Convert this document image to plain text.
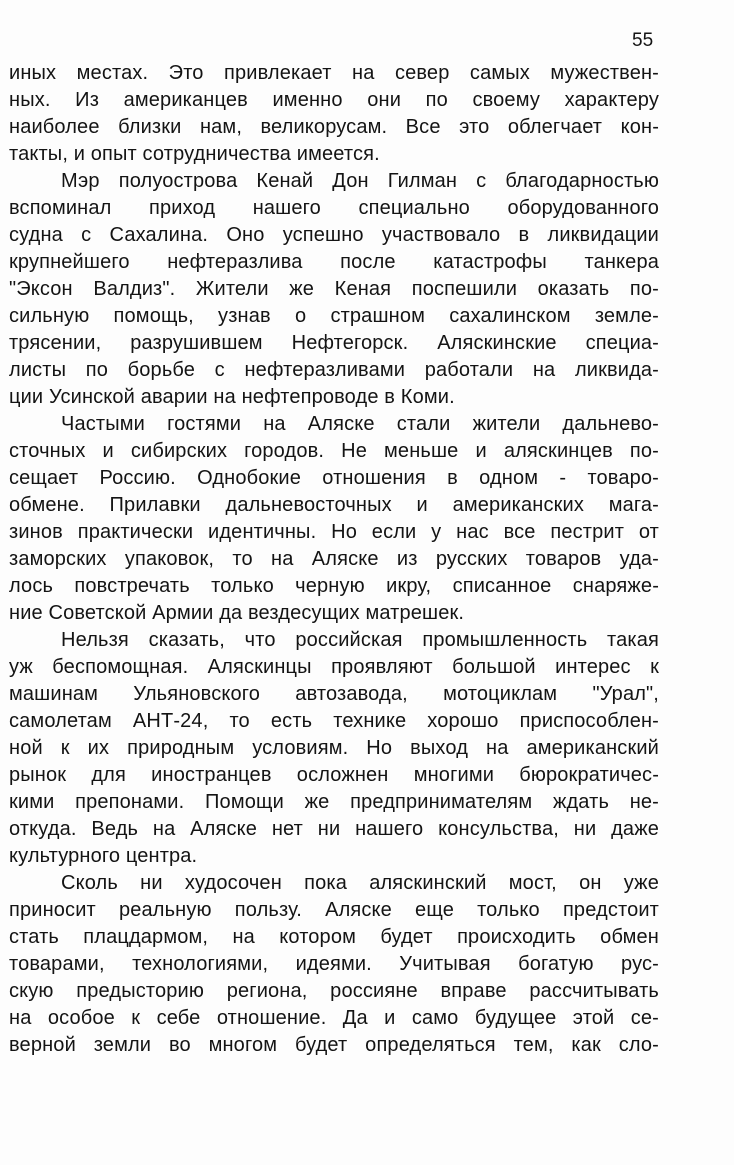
55
иных местах. Это привлекает на север самых мужествен-
ных. Из американцев именно они по своему характеру
наиболее близки нам, великорусам. Все это облегчает кон-
такты, и опыт сотрудничества имеется.
Мэр полуострова Кенай Дон Гилман с благодарностью
вспоминал приход нашего специально оборудованного
судна с Сахалина. Оно успешно участвовало в ликвидации
крупнейшего нефтеразлива после катастрофы танкера
"Эксон Валдиз". Жители же Кеная поспешили оказать по-
сильную помощь, узнав о страшном сахалинском земле-
трясении, разрушившем Нефтегорск. Аляскинские специа-
листы по борьбе с нефтеразливами работали на ликвида-
ции Усинской аварии на нефтепроводе в Коми.
Частыми гостями на Аляске стали жители дальнево-
сточных и сибирских городов. Не меньше и аляскинцев по-
сещает Россию. Однобокие отношения в одном - товаро-
обмене. Прилавки дальневосточных и американских мага-
зинов практически идентичны. Но если у нас все пестрит от
заморских упаковок, то на Аляске из русских товаров уда-
лось повстречать только черную икру, списанное снаряже-
ние Советской Армии да вездесущих матрешек.
Нельзя сказать, что российская промышленность такая
уж беспомощная. Аляскинцы проявляют большой интерес к
машинам Ульяновского автозавода, мотоциклам "Урал",
самолетам АНТ-24, то есть технике хорошо приспособлен-
ной к их природным условиям. Но выход на американский
рынок для иностранцев осложнен многими бюрократичес-
кими препонами. Помощи же предпринимателям ждать не-
откуда. Ведь на Аляске нет ни нашего консульства, ни даже
культурного центра.
Сколь ни худосочен пока аляскинский мост, он уже
приносит реальную пользу. Аляске еще только предстоит
стать плацдармом, на котором будет происходить обмен
товарами, технологиями, идеями. Учитывая богатую рус-
скую предысторию региона, россияне вправе рассчитывать
на особое к себе отношение. Да и само будущее этой се-
верной земли во многом будет определяться тем, как сло-
